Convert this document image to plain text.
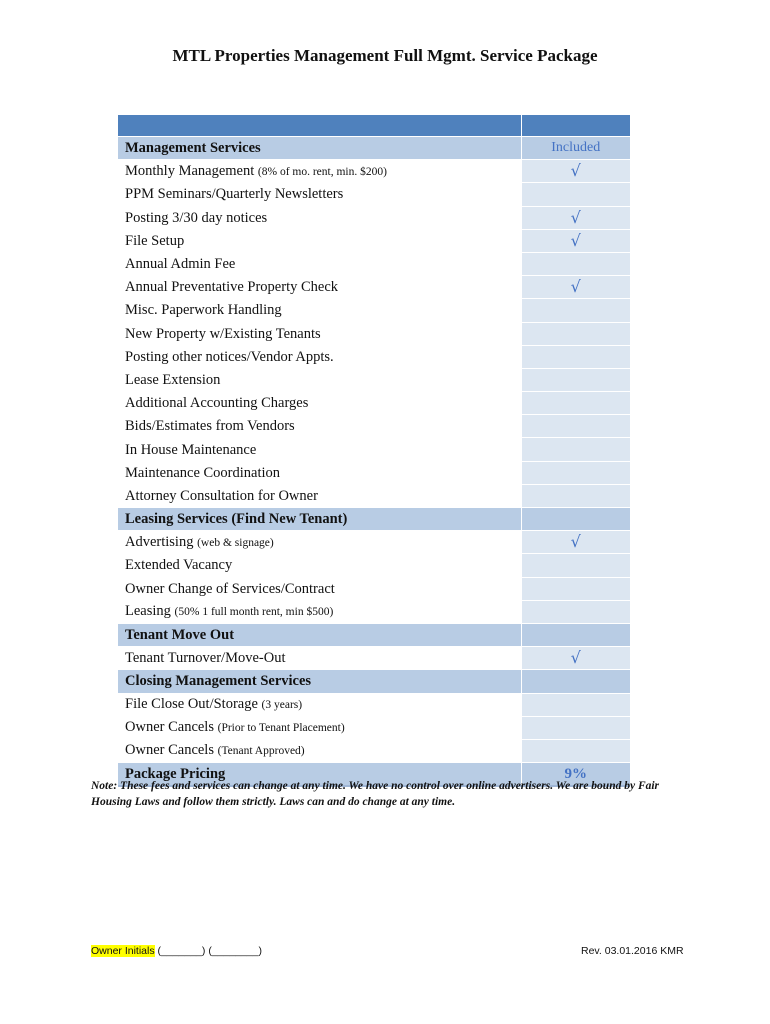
MTL Properties Management Full Mgmt. Service Package

Management Services	Included
Monthly Management (8% of mo. rent, min. $200)	√
PPM Seminars/Quarterly Newsletters	
Posting 3/30 day notices	√
File Setup	√
Annual Admin Fee	
Annual Preventative Property Check	√
Misc. Paperwork Handling	
New Property w/Existing Tenants	
Posting other notices/Vendor Appts.	
Lease Extension	
Additional Accounting Charges	
Bids/Estimates from Vendors	
In House Maintenance	
Maintenance Coordination	
Attorney Consultation for Owner	
Leasing Services (Find New Tenant)	
Advertising (web & signage)	√
Extended Vacancy	
Owner Change of Services/Contract	
Leasing (50% 1 full month rent, min $500)	
Tenant Move Out	
Tenant Turnover/Move-Out	√
Closing Management Services	
File Close Out/Storage (3 years)	
Owner Cancels (Prior to Tenant Placement)	
Owner Cancels (Tenant Approved)	
Package Pricing	9%
Note: These fees and services can change at any time. We have no control over online advertisers. We are bound by Fair Housing Laws and follow them strictly. Laws can and do change at any time.
Owner Initials (_______) (________)	Rev. 03.01.2016 KMR
